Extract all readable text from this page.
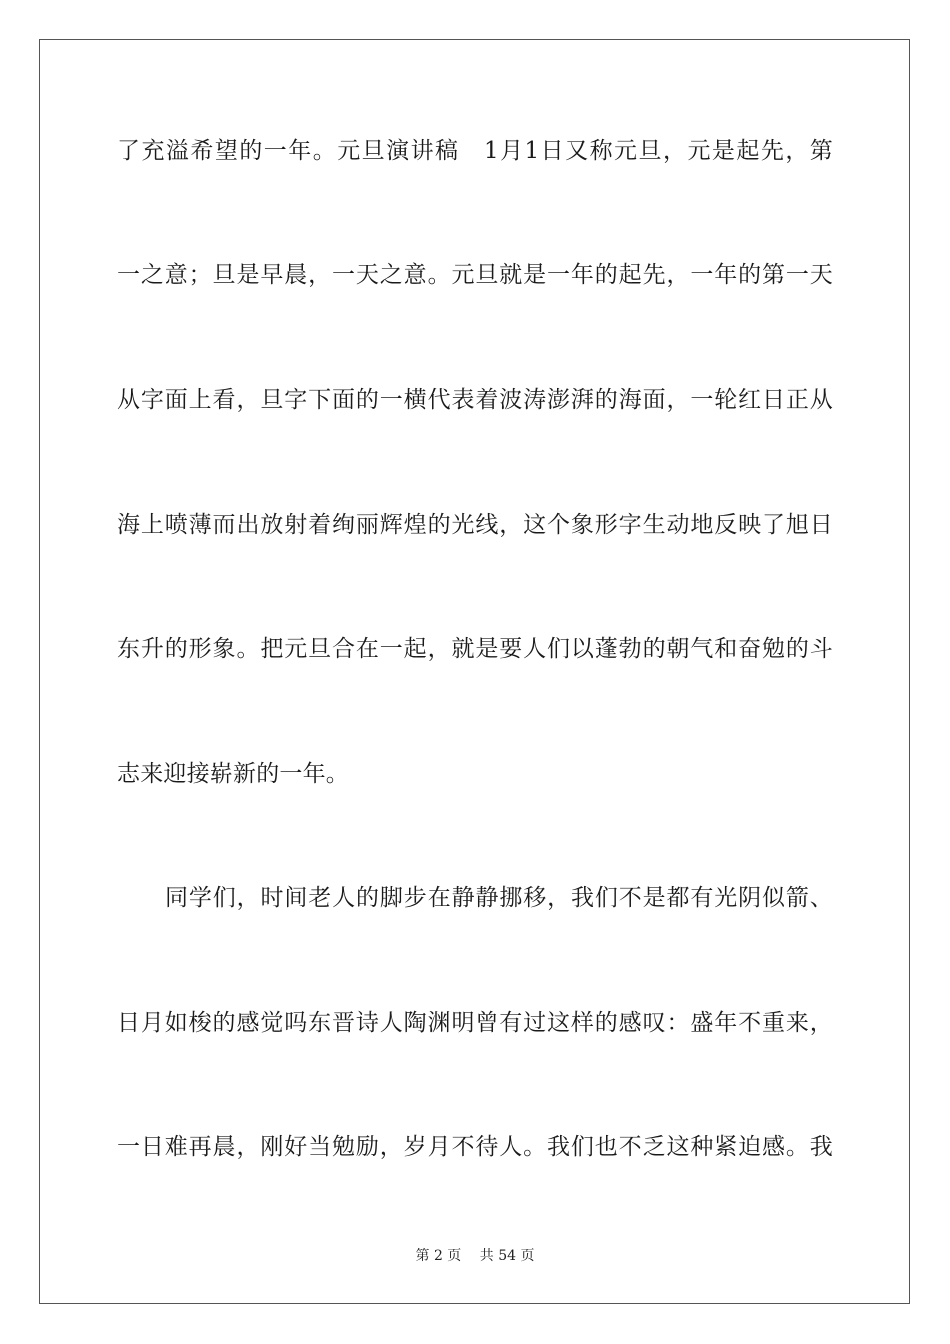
了充溢希望的一年。元旦演讲稿　1月1日又称元旦，元是起先，第
一之意；旦是早晨，一天之意。元旦就是一年的起先，一年的第一天
从字面上看，旦字下面的一横代表着波涛澎湃的海面，一轮红日正从
海上喷薄而出放射着绚丽辉煌的光线，这个象形字生动地反映了旭日
东升的形象。把元旦合在一起，就是要人们以蓬勃的朝气和奋勉的斗
志来迎接崭新的一年。
同学们，时间老人的脚步在静静挪移，我们不是都有光阴似箭、
日月如梭的感觉吗东晋诗人陶渊明曾有过这样的感叹：盛年不重来，
一日难再晨，刚好当勉励，岁月不待人。我们也不乏这种紧迫感。我
第 2 页　 共 54 页
